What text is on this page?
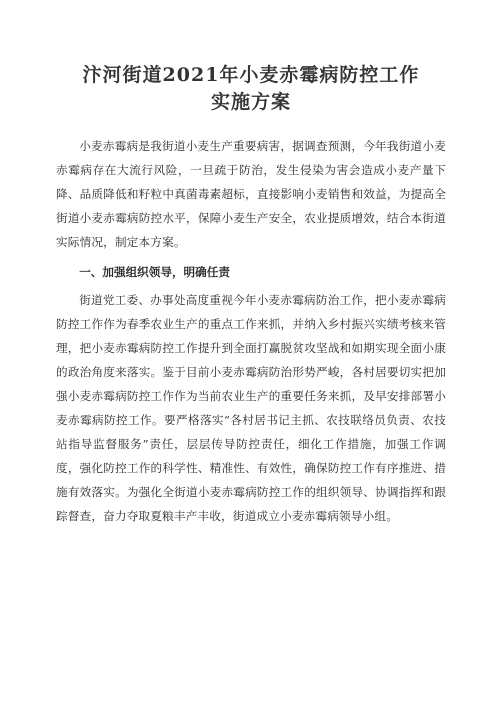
汴河街道2021年小麦赤霉病防控工作
实施方案

小麦赤霉病是我街道小麦生产重要病害，据调查预测，今年我街道小麦赤霉病存在大流行风险，一旦疏于防治，发生侵染为害会造成小麦产量下降、品质降低和籽粒中真菌毒素超标，直接影响小麦销售和效益，为提高全街道小麦赤霉病防控水平，保障小麦生产安全，农业提质增效，结合本街道实际情况，制定本方案。

一、加强组织领导，明确任责

街道党工委、办事处高度重视今年小麦赤霉病防治工作，把小麦赤霉病防控工作作为春季农业生产的重点工作来抓，并纳入乡村振兴实绩考核来管理，把小麦赤霉病防控工作提升到全面打赢脱贫攻坚战和如期实现全面小康的政治角度来落实。鉴于目前小麦赤霉病防治形势严峻，各村居要切实把加强小麦赤霉病防控工作作为当前农业生产的重要任务来抓，及早安排部署小麦赤霉病防控工作。要严格落实“各村居书记主抓、农技联络员负责、农技站指导监督服务”责任，层层传导防控责任，细化工作措施，加强工作调度，强化防控工作的科学性、精准性、有效性，确保防控工作有序推进、措施有效落实。为强化全街道小麦赤霉病防控工作的组织领导、协调指挥和跟踪督查，奋力夺取夏粮丰产丰收，街道成立小麦赤霉病领导小组。
